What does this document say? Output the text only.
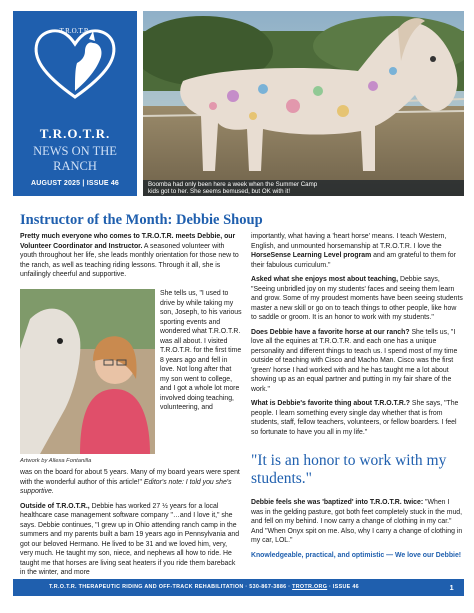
T.R.O.T.R.
T.R.O.T.R.
NEWS ON THE
RANCH
AUGUST 2025 | ISSUE 46	Boomba had only been here a week when the Summer Camp
kids got to her. She seems bemused, but OK with it!
Instructor of the Month: Debbie Shoup

Pretty much everyone who comes to T.R.O.T.R. meets Debbie, our Volunteer Coordinator and Instructor. A seasoned volunteer with youth throughout her life, she leads monthly orientation for those new to the ranch, as well as teaching riding lessons. Through it all, she is unfailingly cheerful and supportive.

Artwork by Allexa Fontanilla
She tells us, "I used to drive by while taking my son, Joseph, to his various sporting events and wondered what T.R.O.T.R. was all about. I visited T.R.O.T.R. for the first time 8 years ago and fell in love. Not long after that my son went to college, and I got a whole lot more involved doing teaching, volunteering, and

was on the board for about 5 years. Many of my board years were spent with the wonderful author of this article!" Editor's note: I told you she's supportive.

Outside of T.R.O.T.R., Debbie has worked 27 ½ years for a local healthcare case management software company "…and I love it," she says. Debbie continues, "I grew up in Ohio attending ranch camp in the summers and my parents built a barn 19 years ago in Pennsylvania and got our beloved Hermano. He lived to be 31 and we loved him, very, very much. He taught my son, niece, and nephews all how to ride. He taught me that horses are living seat heaters if you ride them bareback in the winter, and more

importantly, what having a 'heart horse' means. I teach Western, English, and unmounted horsemanship at T.R.O.T.R. I love the HorseSense Learning Level program and am grateful to them for their fabulous curriculum."

Asked what she enjoys most about teaching, Debbie says, "Seeing unbridled joy on my students' faces and seeing them learn and grow. Some of my proudest moments have been seeing students master a new skill or go on to teach things to other people, like how to saddle or groom. It is an honor to work with my students."

Does Debbie have a favorite horse at our ranch? She tells us, "I love all the equines at T.R.O.T.R. and each one has a unique personality and different things to teach us. I spend most of my time outside of teaching with Cisco and Macho Man. Cisco was the first 'green' horse I had worked with and he has taught me a lot about showing up as an equal partner and putting in my fair share of the work."

What is Debbie's favorite thing about T.R.O.T.R.? She says, "The people. I learn something every single day whether that is from students, staff, fellow teachers, volunteers, or fellow boarders. I feel so fortunate to have you all in my life."

"It is an honor to work with my students."

Debbie feels she was 'baptized' into T.R.O.T.R. twice: "When I was in the gelding pasture, got both feet completely stuck in the mud, and fell on my behind. I now carry a change of clothing in my car." And "When Onyx spit on me. Also, why I carry a change of clothing in my car, LOL."

Knowledgeable, practical, and optimistic — We love our Debbie!

T.R.O.T.R. THERAPEUTIC RIDING AND OFF-TRACK REHABILITATION · 530-867-3886 · TROTR.ORG · ISSUE 46	1
